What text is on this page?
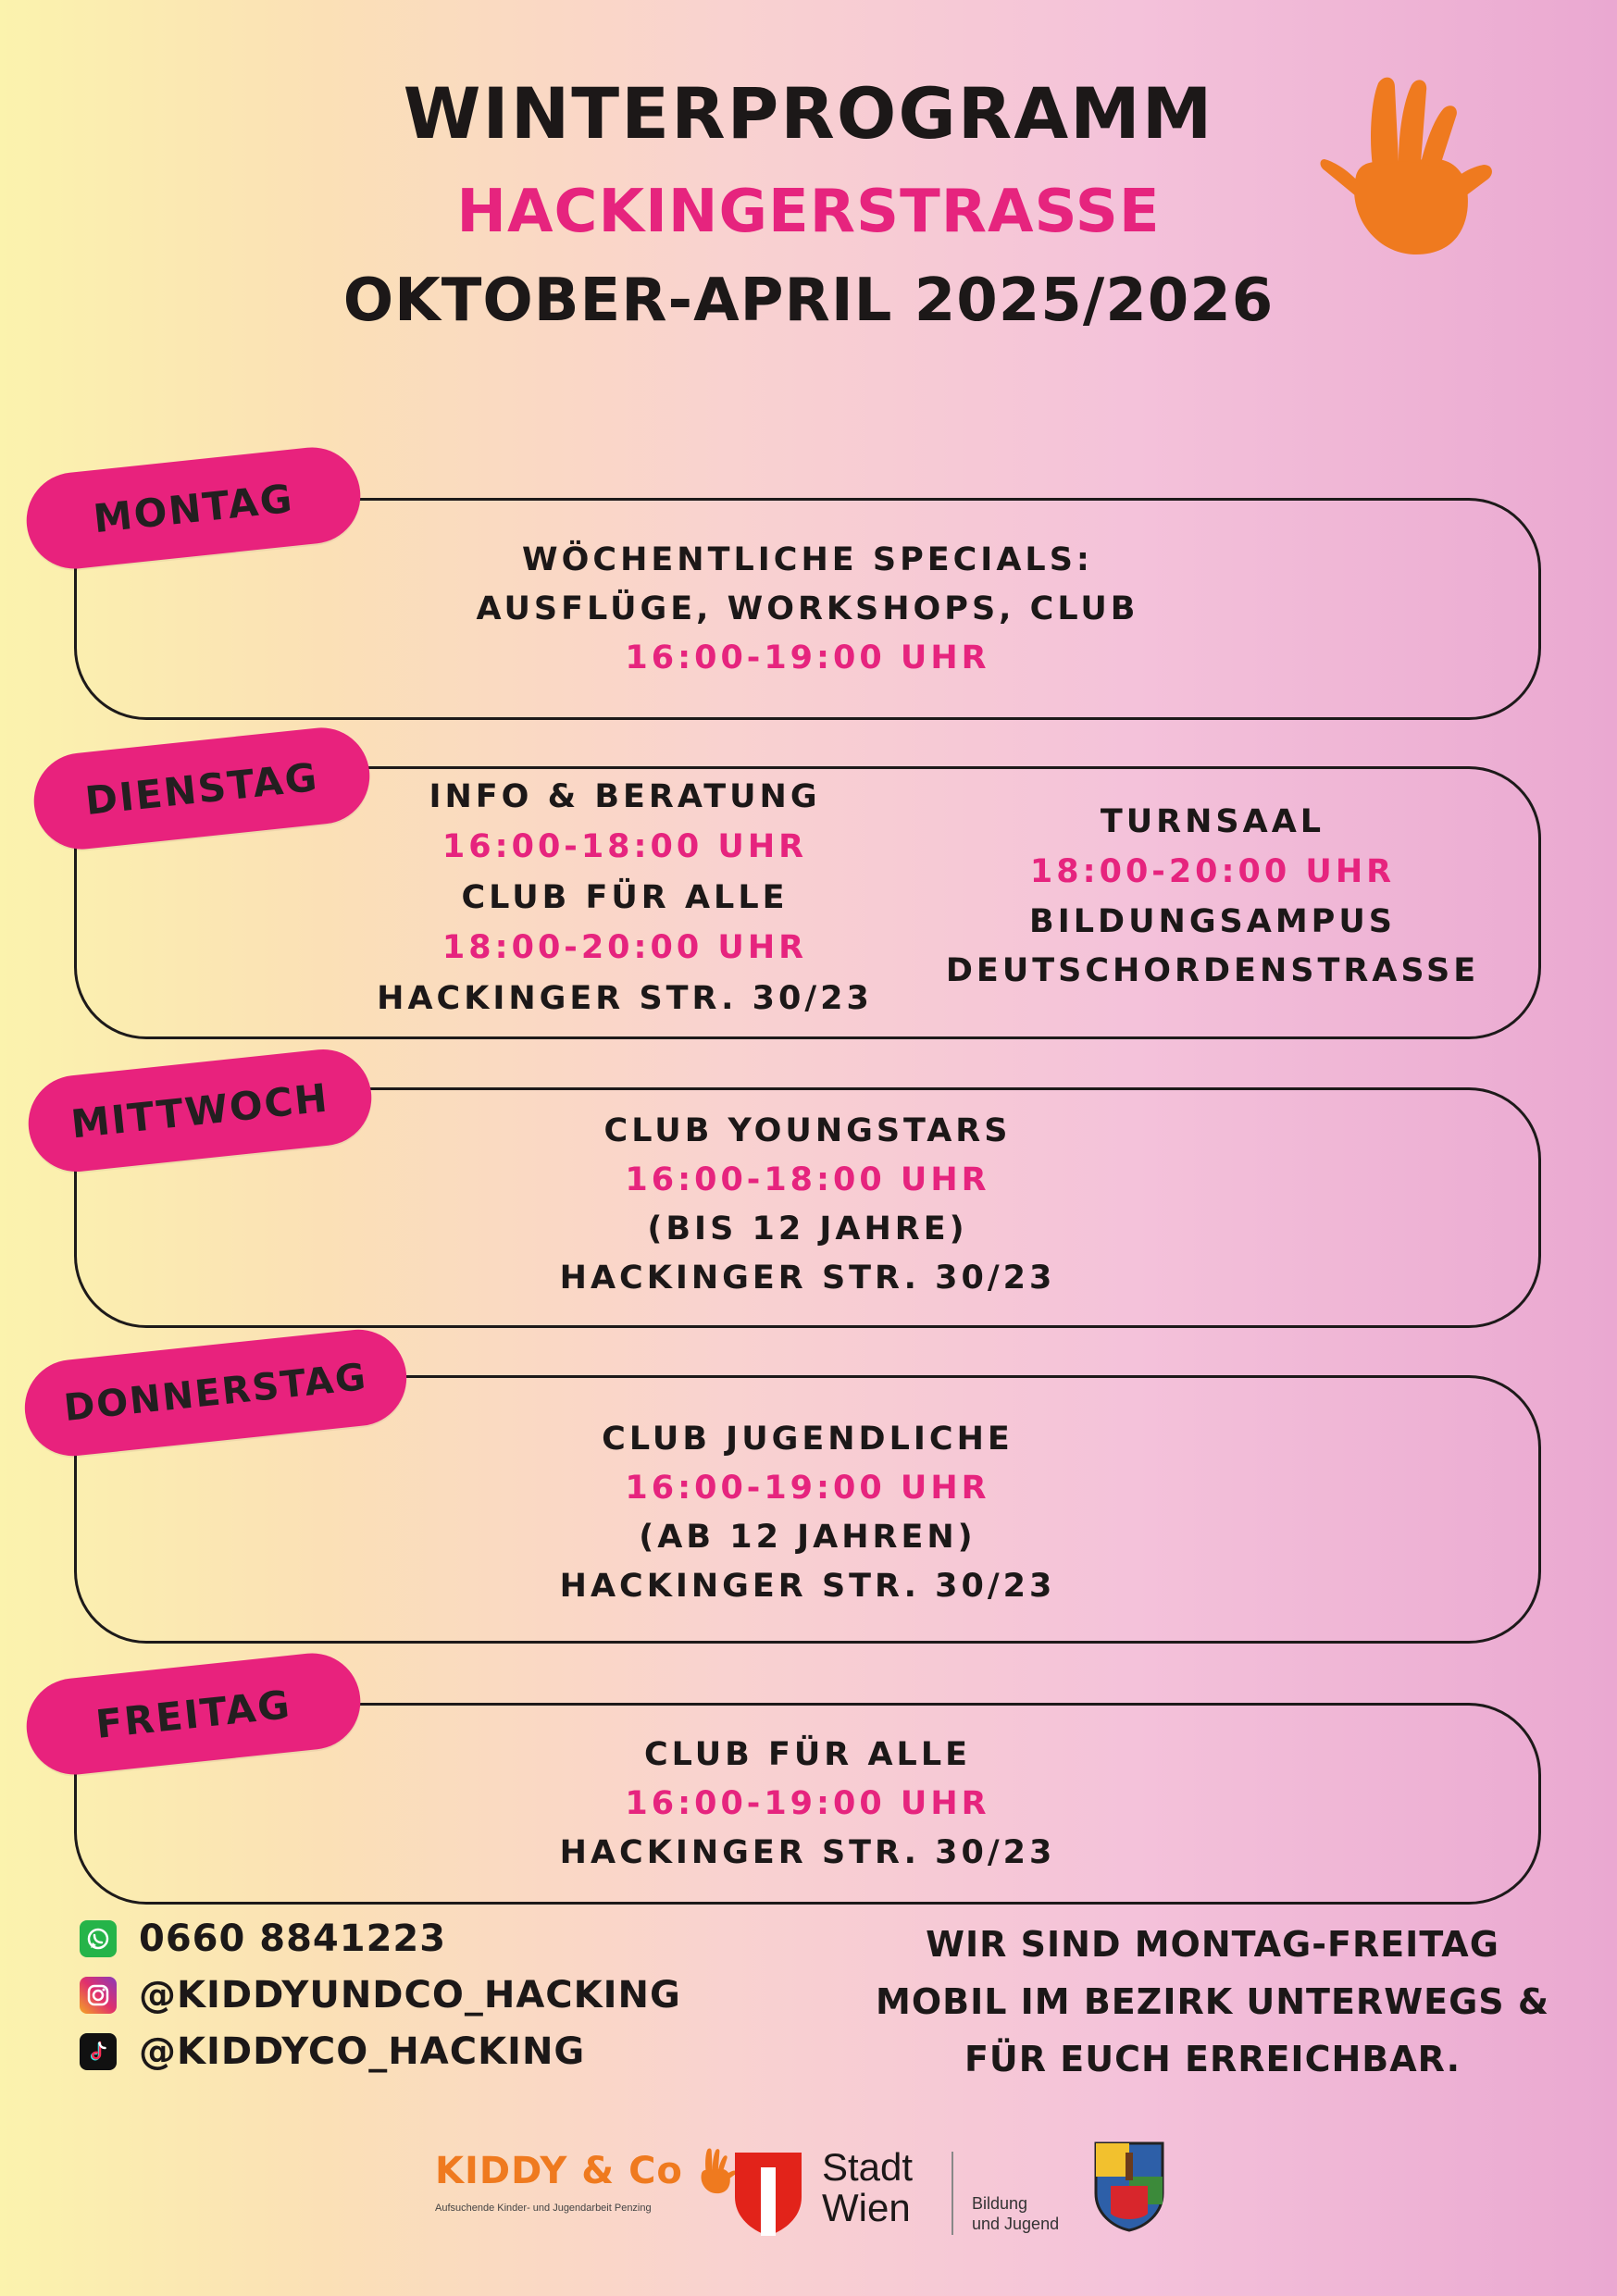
WINTERPROGRAMM
HACKINGERSTRASSE
OKTOBER-APRIL 2025/2026
MONTAG
DIENSTAG
MITTWOCH
DONNERSTAG
FREITAG
WÖCHENTLICHE SPECIALS:
AUSFLÜGE, WORKSHOPS, CLUB
16:00-19:00 UHR
INFO & BERATUNG
16:00-18:00 UHR
CLUB FÜR ALLE
18:00-20:00 UHR
HACKINGER STR. 30/23
TURNSAAL
18:00-20:00 UHR
BILDUNGSAMPUS
DEUTSCHORDENSTRASSE
CLUB YOUNGSTARS
16:00-18:00 UHR
(BIS 12 JAHRE)
HACKINGER STR. 30/23
CLUB JUGENDLICHE
16:00-19:00 UHR
(AB 12 JAHREN)
HACKINGER STR. 30/23
CLUB FÜR ALLE
16:00-19:00 UHR
HACKINGER STR. 30/23
0660 8841223
@KIDDYUNDCO_HACKING
@KIDDYCO_HACKING
WIR SIND MONTAG-FREITAG
MOBIL IM BEZIRK UNTERWEGS &
FÜR EUCH ERREICHBAR.
KIDDY & Co
Aufsuchende Kinder- und Jugendarbeit Penzing
Stadt
Wien	Bildung
und Jugend
